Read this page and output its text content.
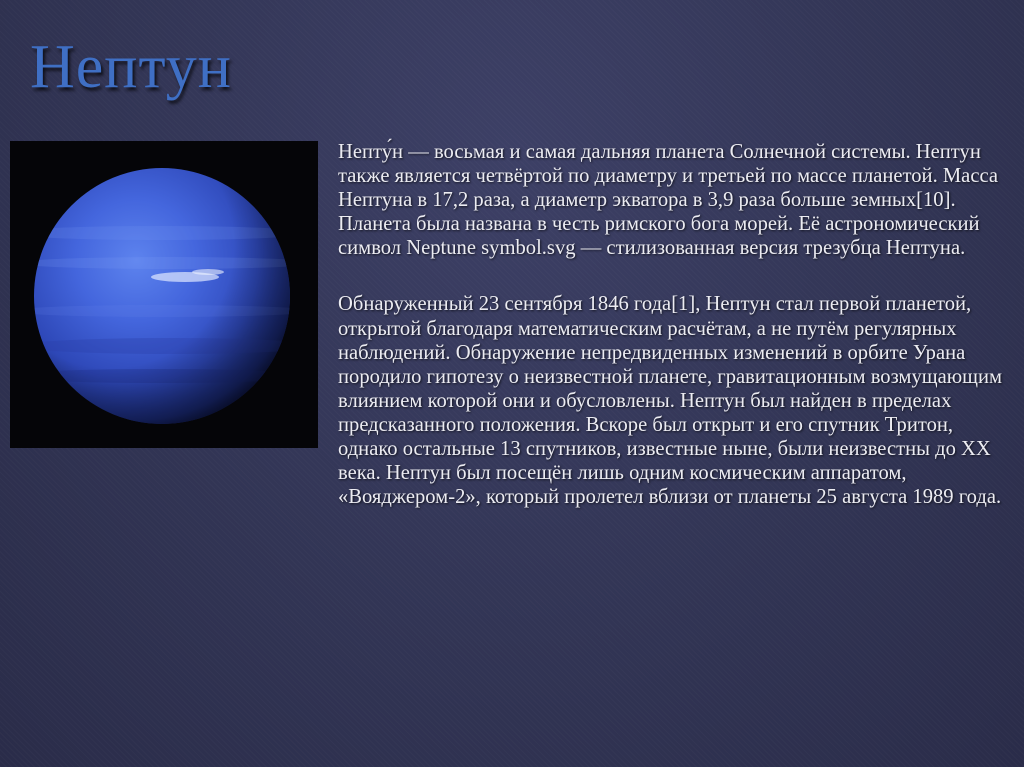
Нептун

Непту́н — восьмая и самая дальняя планета Солнечной системы. Нептун также является четвёртой по диаметру и третьей по массе планетой. Масса Нептуна в 17,2 раза, а диаметр экватора в 3,9 раза больше земных[10]. Планета была названа в честь римского бога морей. Её астрономический символ Neptune symbol.svg — стилизованная версия трезубца Нептуна.

Обнаруженный 23 сентября 1846 года[1], Нептун стал первой планетой, открытой благодаря математическим расчётам, а не путём регулярных наблюдений. Обнаружение непредвиденных изменений в орбите Урана породило гипотезу о неизвестной планете, гравитационным возмущающим влиянием которой они и обусловлены. Нептун был найден в пределах предсказанного положения. Вскоре был открыт и его спутник Тритон, однако остальные 13 спутников, известные ныне, были неизвестны до XX века. Нептун был посещён лишь одним космическим аппаратом, «Вояджером-2», который пролетел вблизи от планеты 25 августа 1989 года.
